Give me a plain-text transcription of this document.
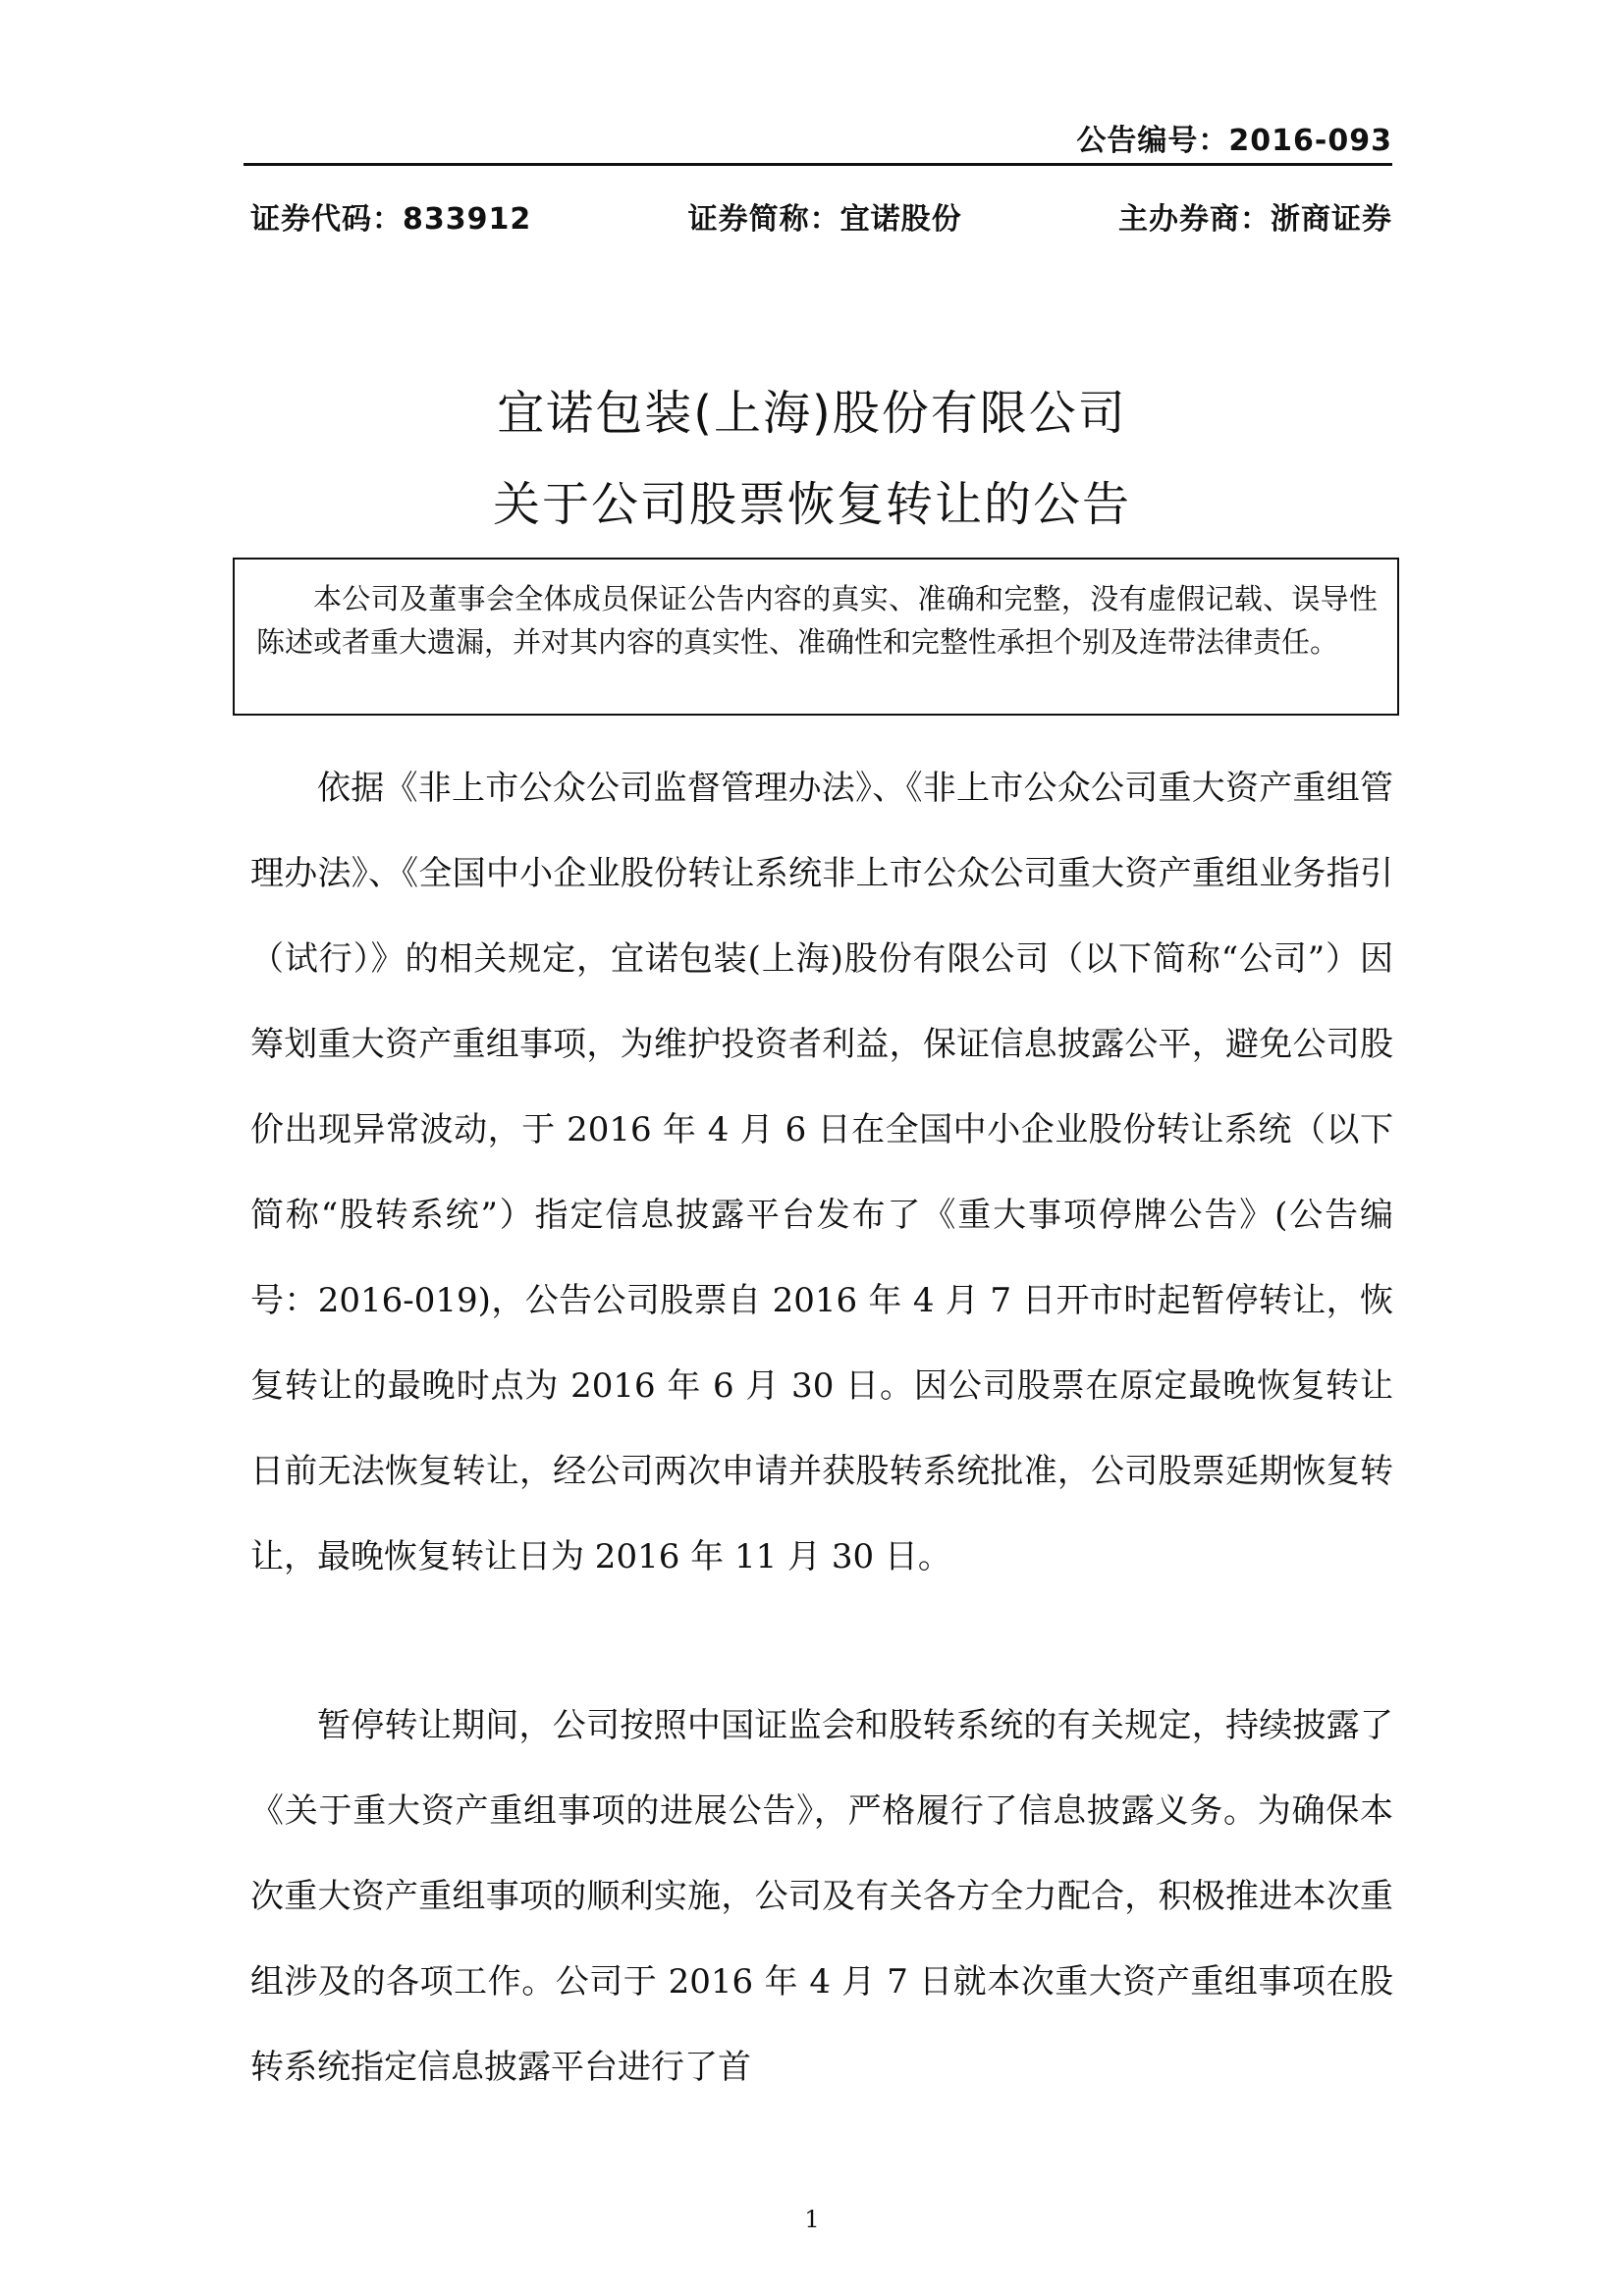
公告编号：2016-093
证券代码：833912	证券简称：宜诺股份	主办券商：浙商证券
宜诺包装(上海)股份有限公司
关于公司股票恢复转让的公告

本公司及董事会全体成员保证公告内容的真实、准确和完整，没有虚假记载、误导性陈述或者重大遗漏，并对其内容的真实性、准确性和完整性承担个别及连带法律责任。

依据《非上市公众公司监督管理办法》、《非上市公众公司重大资产重组管理办法》、《全国中小企业股份转让系统非上市公众公司重大资产重组业务指引（试行）》的相关规定，宜诺包装(上海)股份有限公司（以下简称“公司”）因筹划重大资产重组事项，为维护投资者利益，保证信息披露公平，避免公司股价出现异常波动，于 2016 年 4 月 6 日在全国中小企业股份转让系统（以下简称“股转系统”）指定信息披露平台发布了《重大事项停牌公告》(公告编号：2016-019)，公告公司股票自 2016 年 4 月 7 日开市时起暂停转让，恢复转让的最晚时点为 2016 年 6 月 30 日。因公司股票在原定最晚恢复转让日前无法恢复转让，经公司两次申请并获股转系统批准，公司股票延期恢复转让，最晚恢复转让日为 2016 年 11 月 30 日。

暂停转让期间，公司按照中国证监会和股转系统的有关规定，持续披露了《关于重大资产重组事项的进展公告》，严格履行了信息披露义务。为确保本次重大资产重组事项的顺利实施，公司及有关各方全力配合，积极推进本次重组涉及的各项工作。公司于 2016 年 4 月 7 日就本次重大资产重组事项在股转系统指定信息披露平台进行了首

1
